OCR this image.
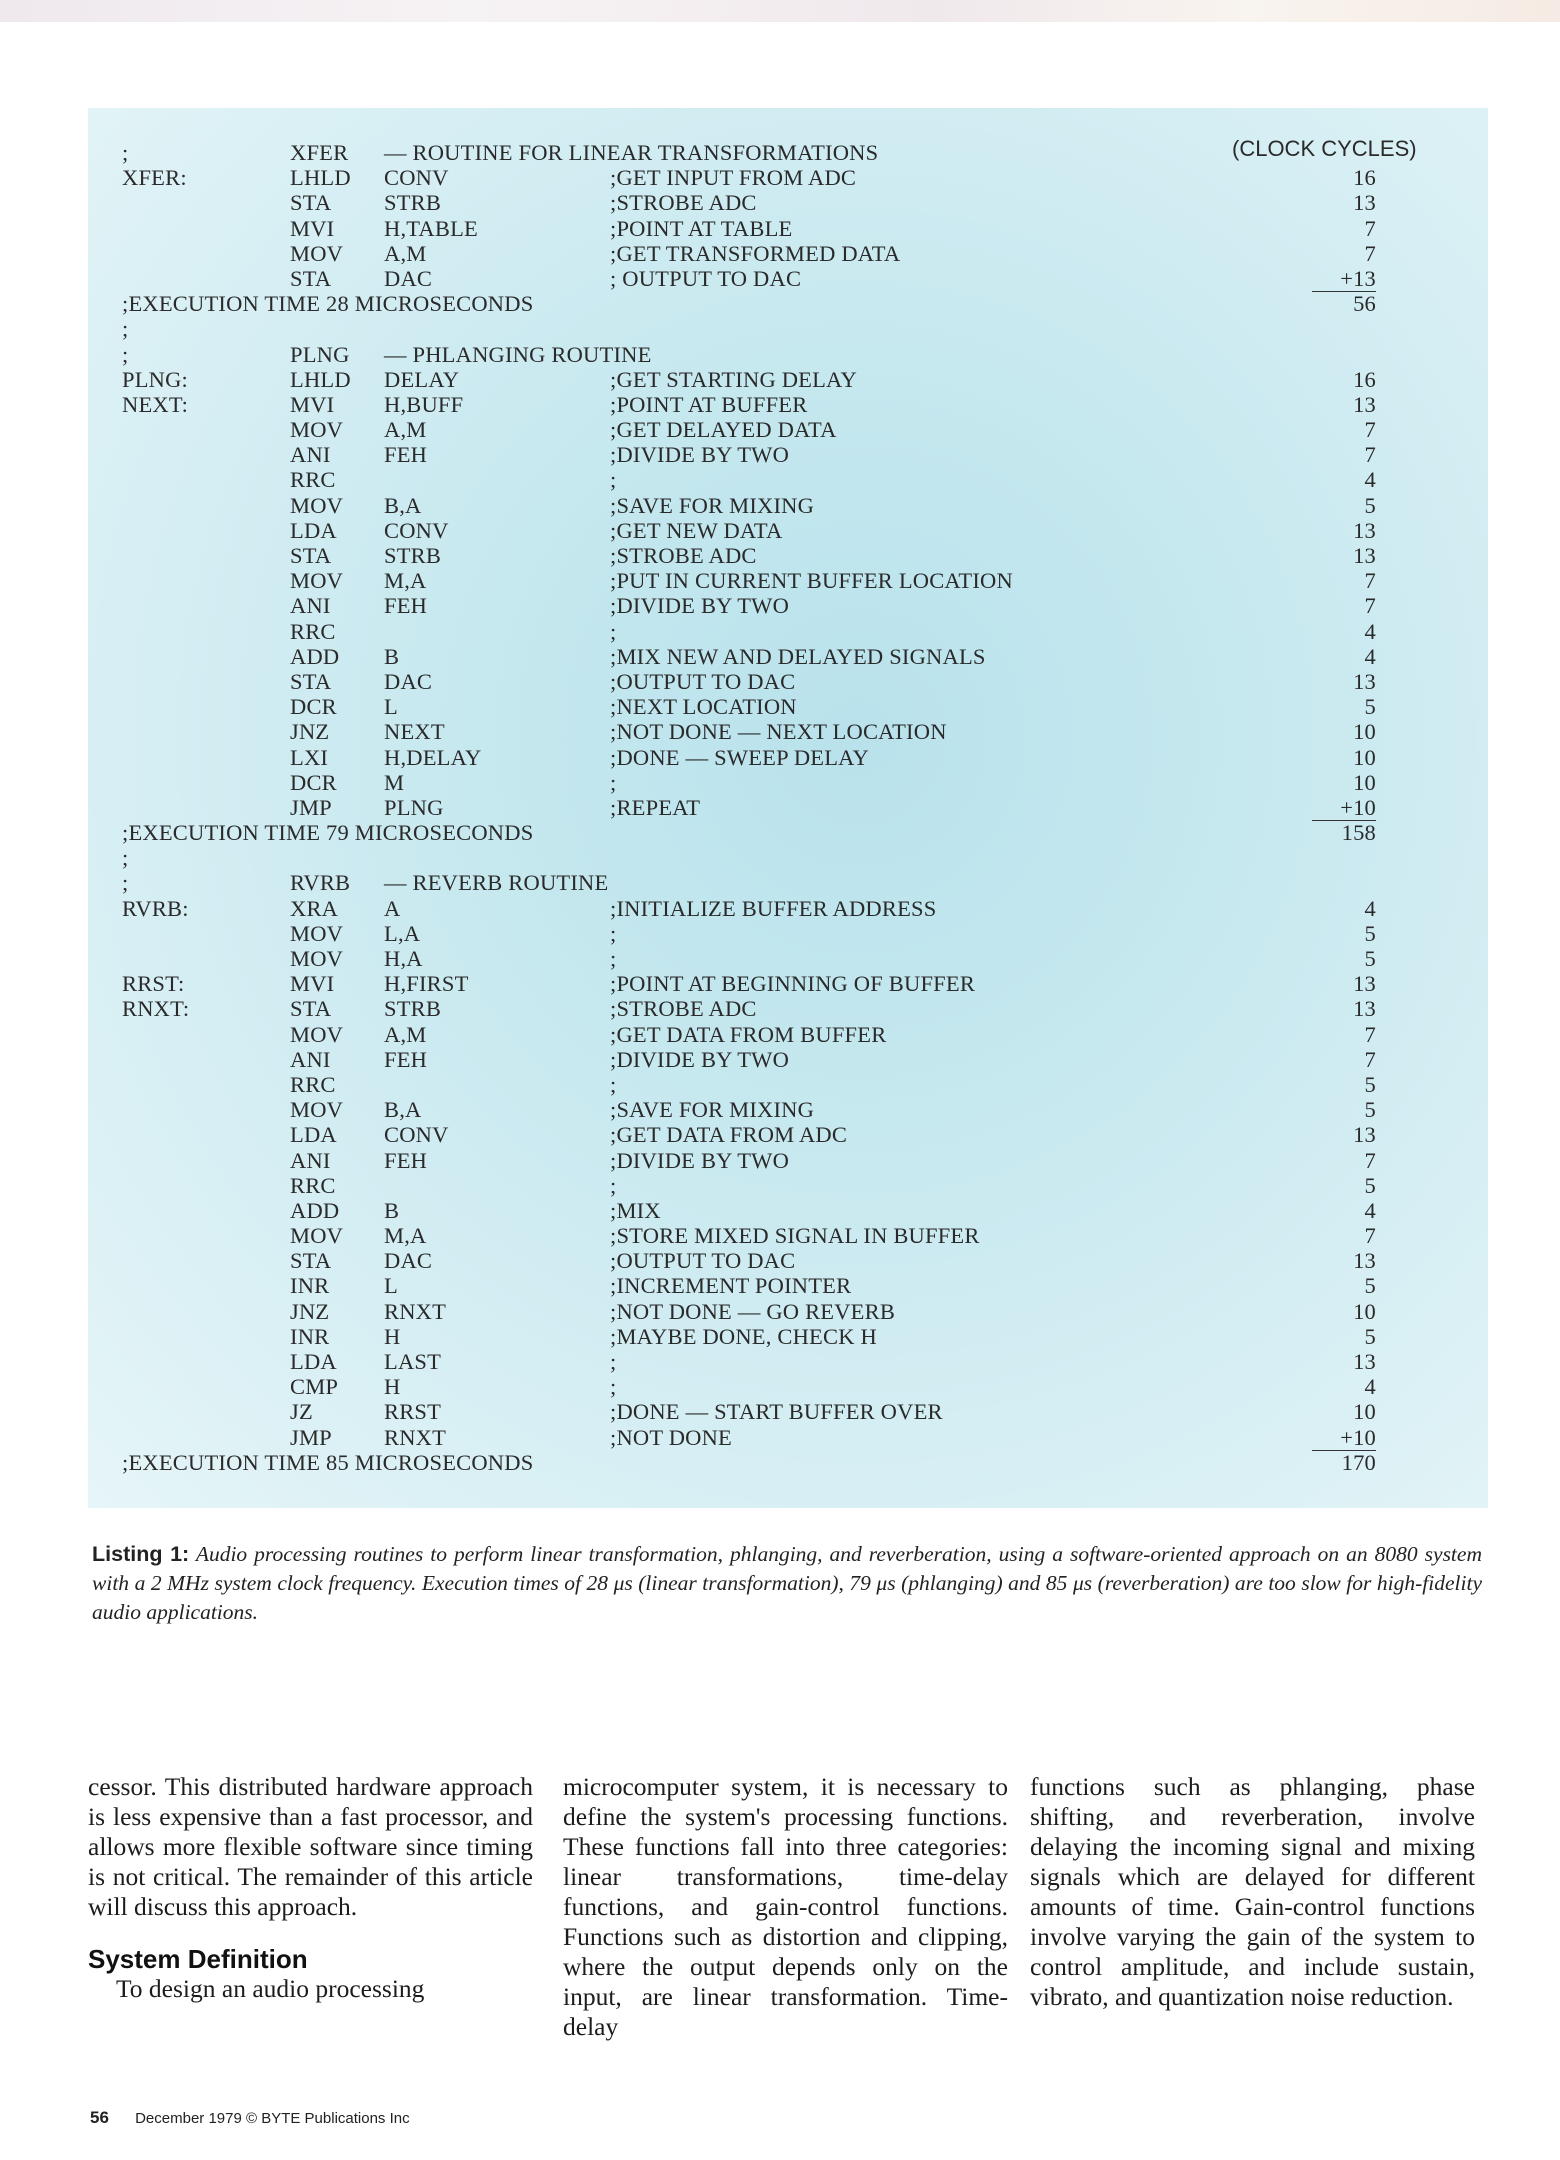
(CLOCK CYCLES)
;	XFER — ROUTINE FOR LINEAR TRANSFORMATIONS
XFER:	LHLD CONV	;GET INPUT FROM ADC	16
STA STRB	;STROBE ADC	13
MVI H,TABLE	;POINT AT TABLE	7
MOV A,M	;GET TRANSFORMED DATA	7
STA DAC	; OUTPUT TO DAC	+13
;EXECUTION TIME 28 MICROSECONDS	56
;
;	PLNG — PHLANGING ROUTINE
PLNG:	LHLD DELAY	;GET STARTING DELAY	16
NEXT:	MVI H,BUFF	;POINT AT BUFFER	13
MOV A,M	;GET DELAYED DATA	7
ANI FEH	;DIVIDE BY TWO	7
RRC	;	4
MOV B,A	;SAVE FOR MIXING	5
LDA CONV	;GET NEW DATA	13
STA STRB	;STROBE ADC	13
MOV M,A	;PUT IN CURRENT BUFFER LOCATION	7
ANI FEH	;DIVIDE BY TWO	7
RRC	;	4
ADD B	;MIX NEW AND DELAYED SIGNALS	4
STA DAC	;OUTPUT TO DAC	13
DCR L	;NEXT LOCATION	5
JNZ NEXT	;NOT DONE — NEXT LOCATION	10
LXI H,DELAY	;DONE — SWEEP DELAY	10
DCR M	;	10
JMP PLNG	;REPEAT	+10
;EXECUTION TIME 79 MICROSECONDS	158
;
;	RVRB — REVERB ROUTINE
RVRB:	XRA A	;INITIALIZE BUFFER ADDRESS	4
MOV L,A	;	5
MOV H,A	;	5
RRST:	MVI H,FIRST	;POINT AT BEGINNING OF BUFFER	13
RNXT:	STA STRB	;STROBE ADC	13
MOV A,M	;GET DATA FROM BUFFER	7
ANI FEH	;DIVIDE BY TWO	7
RRC	;	5
MOV B,A	;SAVE FOR MIXING	5
LDA CONV	;GET DATA FROM ADC	13
ANI FEH	;DIVIDE BY TWO	7
RRC	;	5
ADD B	;MIX	4
MOV M,A	;STORE MIXED SIGNAL IN BUFFER	7
STA DAC	;OUTPUT TO DAC	13
INR L	;INCREMENT POINTER	5
JNZ RNXT	;NOT DONE — GO REVERB	10
INR H	;MAYBE DONE, CHECK H	5
LDA LAST	;	13
CMP H	;	4
JZ	RRST	;DONE — START BUFFER OVER	10
JMP RNXT	;NOT DONE	+10
;EXECUTION TIME 85 MICROSECONDS	170
Listing 1: Audio processing routines to perform linear transformation, phlanging, and reverberation, using a software-oriented approach on an 8080 system with a 2 MHz system clock frequency. Execution times of 28 μs (linear transformation), 79 μs (phlanging) and 85 μs (reverberation) are too slow for high-fidelity audio applications.

cessor. This distributed hardware approach is less expensive than a fast processor, and allows more flexible software since timing is not critical. The remainder of this article will discuss this approach.

System Definition

To design an audio processing

microcomputer system, it is necessary to define the system's processing functions. These functions fall into three categories: linear transformations, time-delay functions, and gain-control functions. Functions such as distortion and clipping, where the output depends only on the input, are linear transformation. Time-delay

functions such as phlanging, phase shifting, and reverberation, involve delaying the incoming signal and mixing signals which are delayed for different amounts of time. Gain-control functions involve varying the gain of the system to control amplitude, and include sustain, vibrato, and quantization noise reduction.

56 December 1979 © BYTE Publications Inc
